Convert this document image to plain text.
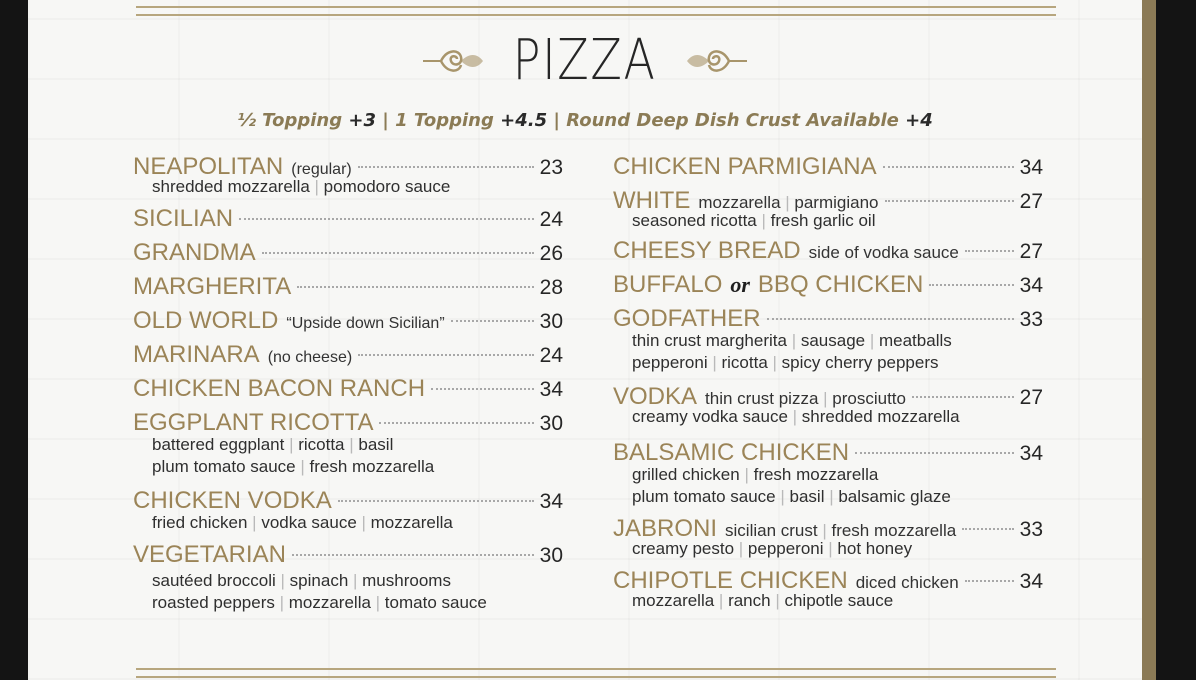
PIZZA
½ Topping +3 | 1 Topping +4.5 | Round Deep Dish Crust Available +4
NEAPOLITAN (regular)	23
shredded mozzarella | pomodoro sauce
SICILIAN	24
GRANDMA	26
MARGHERITA	28
OLD WORLD “Upside down Sicilian”	30
MARINARA (no cheese)	24
CHICKEN BACON RANCH	34
EGGPLANT RICOTTA	30
battered eggplant | ricotta | basil
plum tomato sauce | fresh mozzarella
CHICKEN VODKA	34
fried chicken | vodka sauce | mozzarella
VEGETARIAN	30
sautéed broccoli | spinach | mushrooms
roasted peppers | mozzarella | tomato sauce
CHICKEN PARMIGIANA	34
WHITE mozzarella | parmigiano	27
seasoned ricotta | fresh garlic oil
CHEESY BREAD side of vodka sauce	27
BUFFALO or BBQ CHICKEN	34
GODFATHER	33
thin crust margherita | sausage | meatballs
pepperoni | ricotta | spicy cherry peppers
VODKA thin crust pizza | prosciutto	27
creamy vodka sauce | shredded mozzarella
BALSAMIC CHICKEN	34
grilled chicken | fresh mozzarella
plum tomato sauce | basil | balsamic glaze
JABRONI sicilian crust | fresh mozzarella	33
creamy pesto | pepperoni | hot honey
CHIPOTLE CHICKEN diced chicken	34
mozzarella | ranch | chipotle sauce
